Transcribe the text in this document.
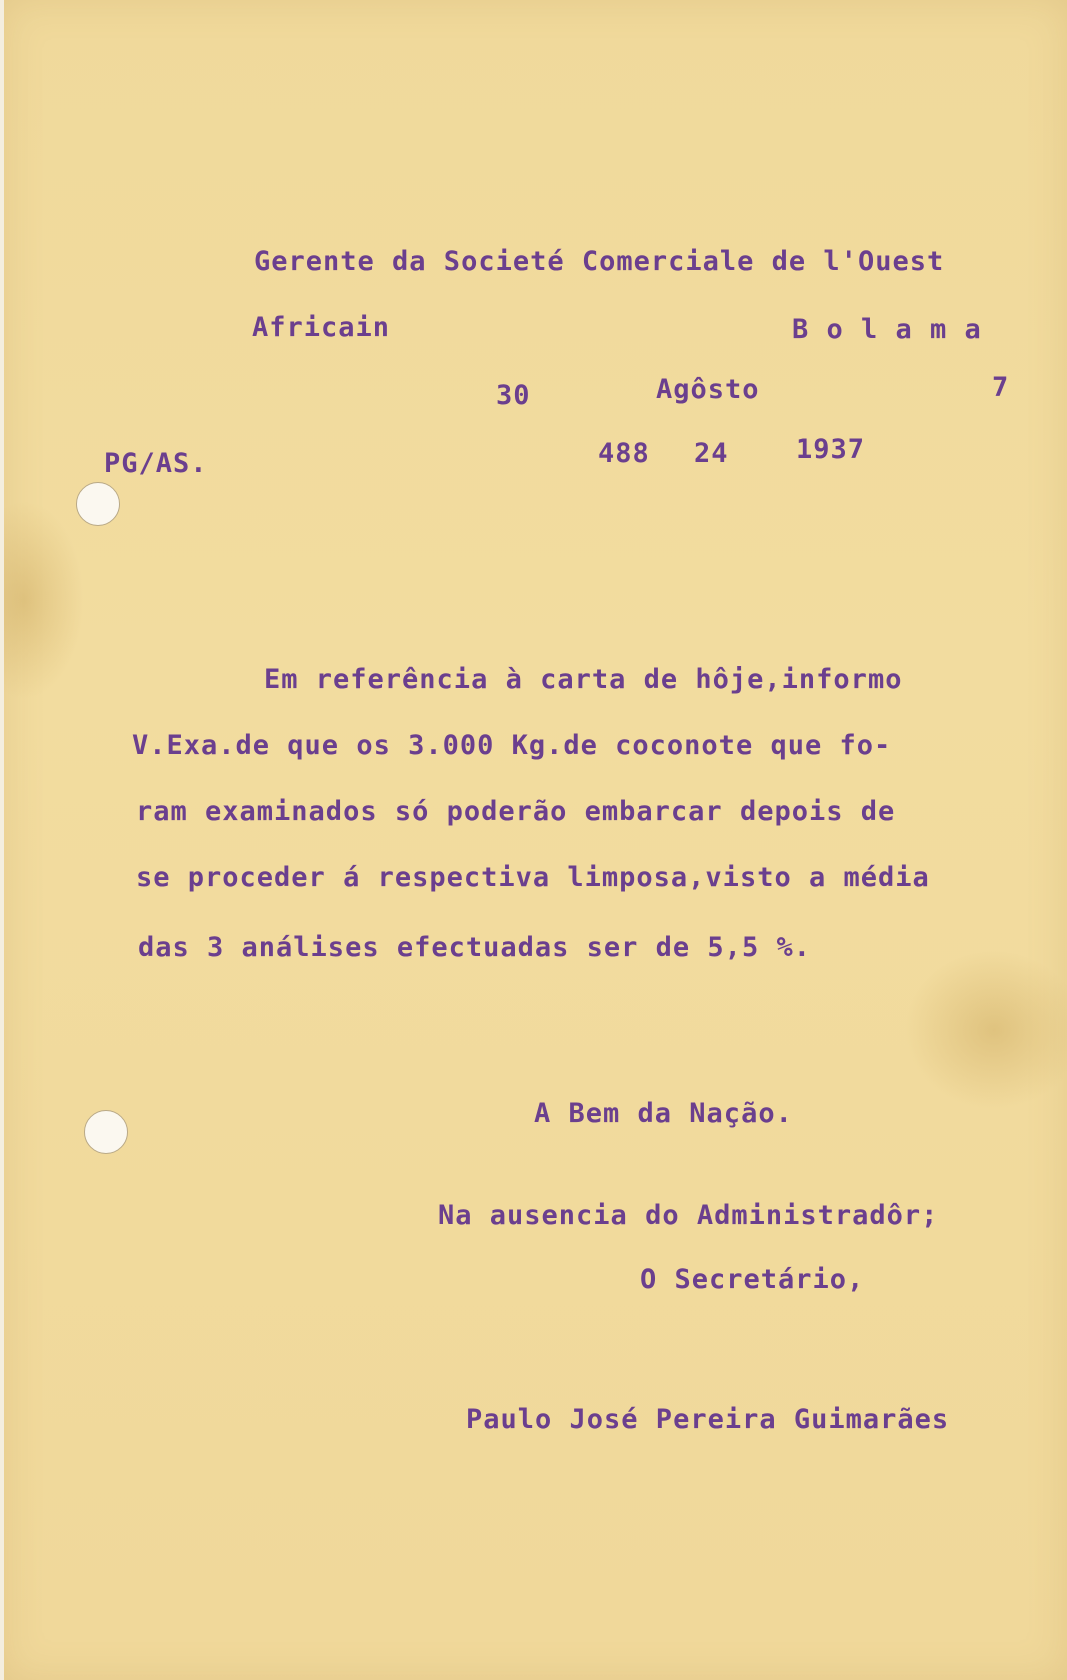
Gerente da Societé Comerciale de l'Ouest

Africain	B o l a m a

30	Agôsto	7

PG/AS.	488 24 1937

Em referência à carta de hôje,informo

V.Exa.de que os 3.000 Kg.de coconote que fo-

ram examinados só poderão embarcar depois de

se proceder á respectiva limposa,visto a média

das 3 análises efectuadas ser de 5,5 %.

A Bem da Nação.

Na ausencia do Administradôr;

O Secretário,

Paulo José Pereira Guimarães
